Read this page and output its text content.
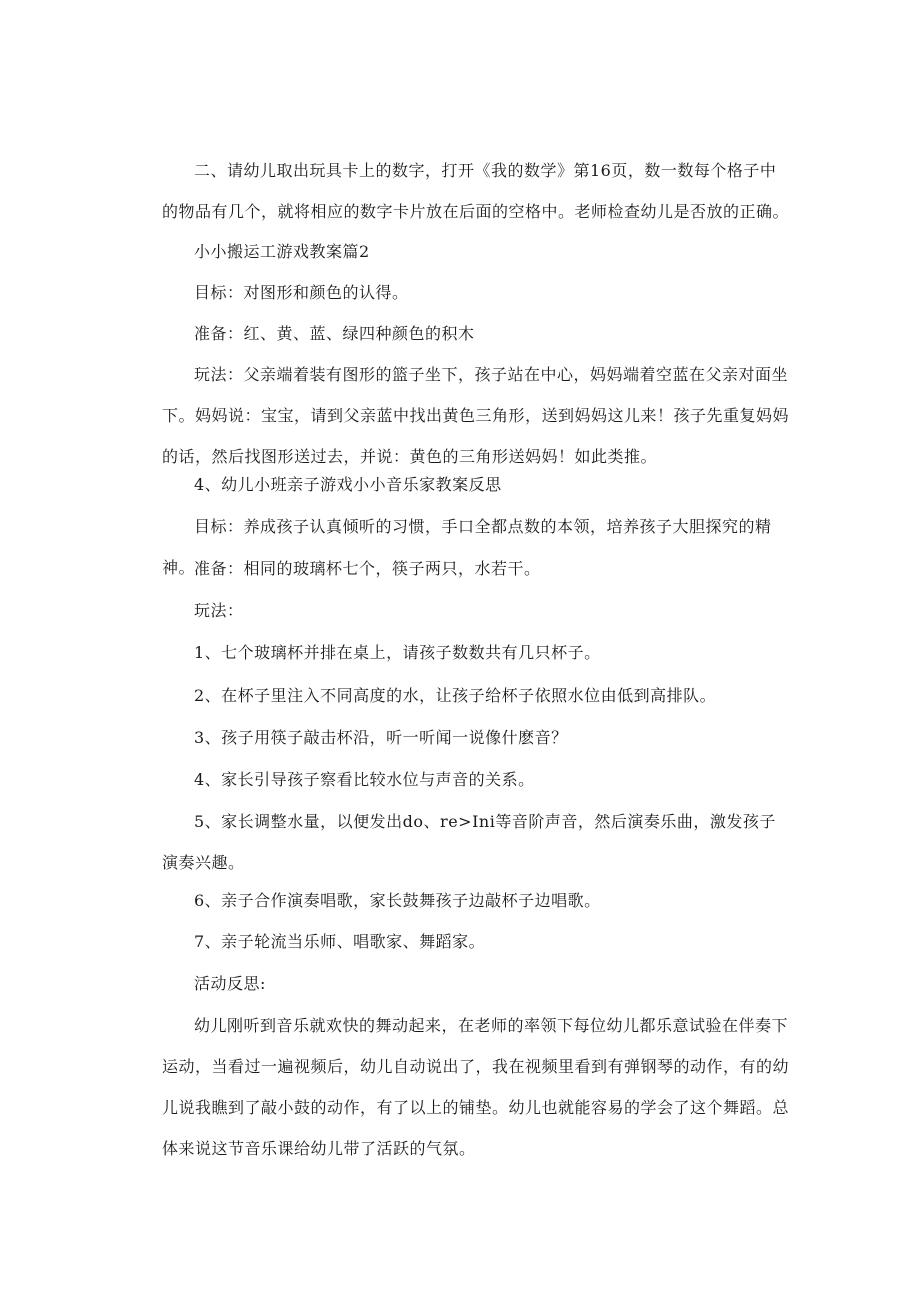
二、请幼儿取出玩具卡上的数字，打开《我的数学》第16页，数一数每个格子中的物品有几个，就将相应的数字卡片放在后面的空格中。老师检查幼儿是否放的正确。

小小搬运工游戏教案篇2

目标：对图形和颜色的认得。

准备：红、黄、蓝、绿四种颜色的积木

玩法：父亲端着装有图形的篮子坐下，孩子站在中心，妈妈端着空蓝在父亲对面坐下。妈妈说：宝宝，请到父亲蓝中找出黄色三角形，送到妈妈这儿来！孩子先重复妈妈的话，然后找图形送过去，并说：黄色的三角形送妈妈！如此类推。

4、幼儿小班亲子游戏小小音乐家教案反思

目标：养成孩子认真倾听的习惯，手口全都点数的本领，培养孩子大胆探究的精神。

准备：相同的玻璃杯七个，筷子两只，水若干。

玩法：

1、七个玻璃杯并排在桌上，请孩子数数共有几只杯子。

2、在杯子里注入不同高度的水，让孩子给杯子依照水位由低到高排队。

3、孩子用筷子敲击杯沿，听一听闻一说像什麽音？

4、家长引导孩子察看比较水位与声音的关系。

5、家长调整水量，以便发出do、re>Ini等音阶声音，然后演奏乐曲，激发孩子演奏兴趣。

6、亲子合作演奏唱歌，家长鼓舞孩子边敲杯子边唱歌。

7、亲子轮流当乐师、唱歌家、舞蹈家。

活动反思:

幼儿刚听到音乐就欢快的舞动起来，在老师的率领下每位幼儿都乐意试验在伴奏下运动，当看过一遍视频后，幼儿自动说出了，我在视频里看到有弹钢琴的动作，有的幼儿说我瞧到了敲小鼓的动作，有了以上的铺垫。幼儿也就能容易的学会了这个舞蹈。总体来说这节音乐课给幼儿带了活跃的气氛。
